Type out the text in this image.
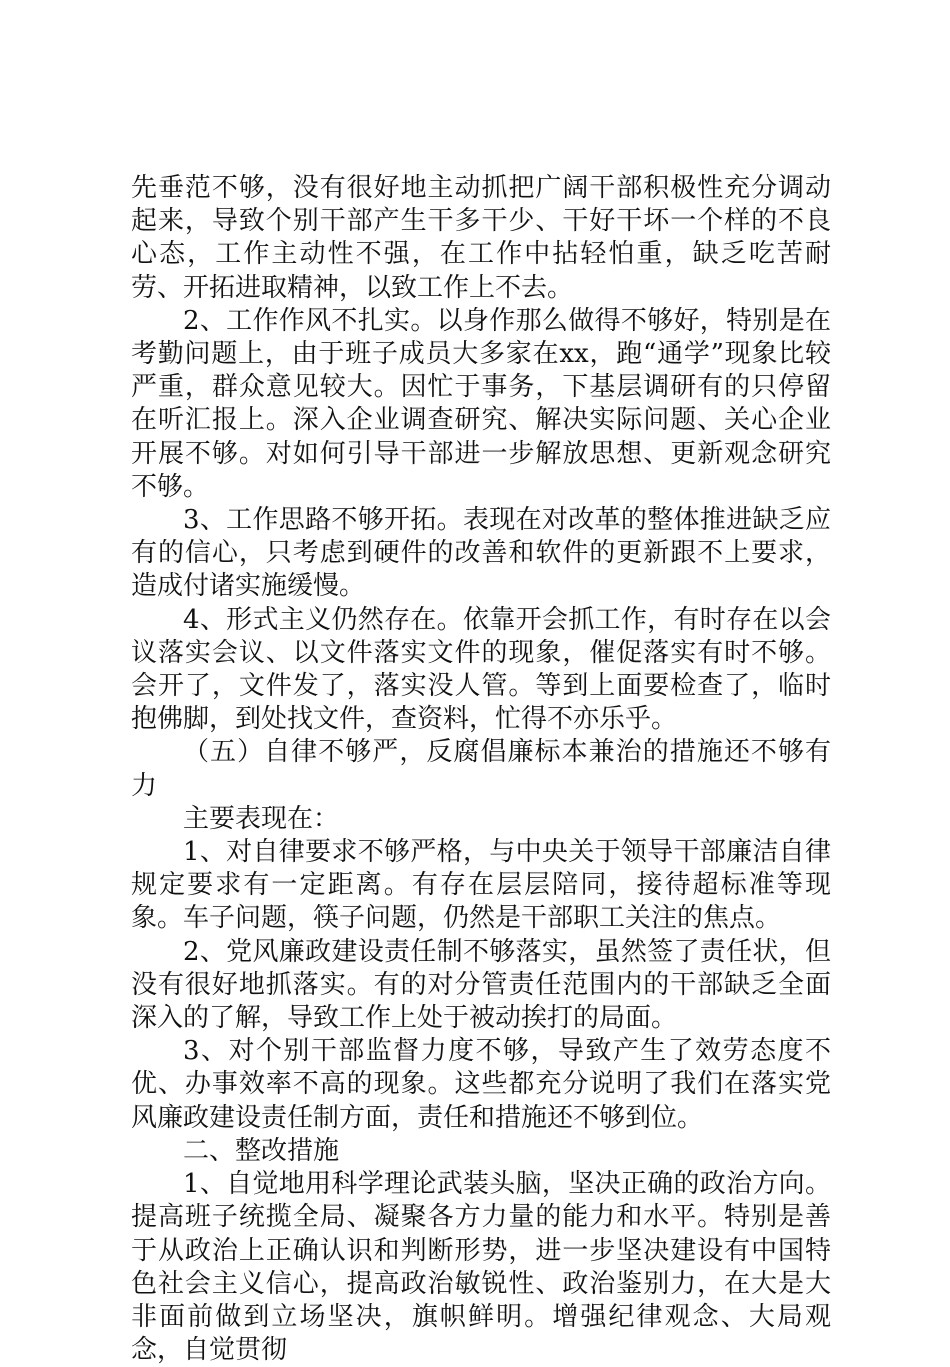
先垂范不够，没有很好地主动抓把广阔干部积极性充分调动起来，导致个别干部产生干多干少、干好干坏一个样的不良心态，工作主动性不强，在工作中拈轻怕重，缺乏吃苦耐劳、开拓进取精神，以致工作上不去。

2、工作作风不扎实。以身作那么做得不够好，特别是在考勤问题上，由于班子成员大多家在xx，跑“通学”现象比较严重，群众意见较大。因忙于事务，下基层调研有的只停留在听汇报上。深入企业调查研究、解决实际问题、关心企业开展不够。对如何引导干部进一步解放思想、更新观念研究不够。

3、工作思路不够开拓。表现在对改革的整体推进缺乏应有的信心，只考虑到硬件的改善和软件的更新跟不上要求，造成付诸实施缓慢。

4、形式主义仍然存在。依靠开会抓工作，有时存在以会议落实会议、以文件落实文件的现象，催促落实有时不够。会开了，文件发了，落实没人管。等到上面要检查了，临时抱佛脚，到处找文件，查资料，忙得不亦乐乎。

（五）自律不够严，反腐倡廉标本兼治的措施还不够有力

主要表现在：

1、对自律要求不够严格，与中央关于领导干部廉洁自律规定要求有一定距离。有存在层层陪同，接待超标准等现象。车子问题，筷子问题，仍然是干部职工关注的焦点。

2、党风廉政建设责任制不够落实，虽然签了责任状，但没有很好地抓落实。有的对分管责任范围内的干部缺乏全面深入的了解，导致工作上处于被动挨打的局面。

3、对个别干部监督力度不够，导致产生了效劳态度不优、办事效率不高的现象。这些都充分说明了我们在落实党风廉政建设责任制方面，责任和措施还不够到位。

二、整改措施

1、自觉地用科学理论武装头脑，坚决正确的政治方向。提高班子统揽全局、凝聚各方力量的能力和水平。特别是善于从政治上正确认识和判断形势，进一步坚决建设有中国特色社会主义信心，提高政治敏锐性、政治鉴别力，在大是大非面前做到立场坚决，旗帜鲜明。增强纪律观念、大局观念，自觉贯彻
